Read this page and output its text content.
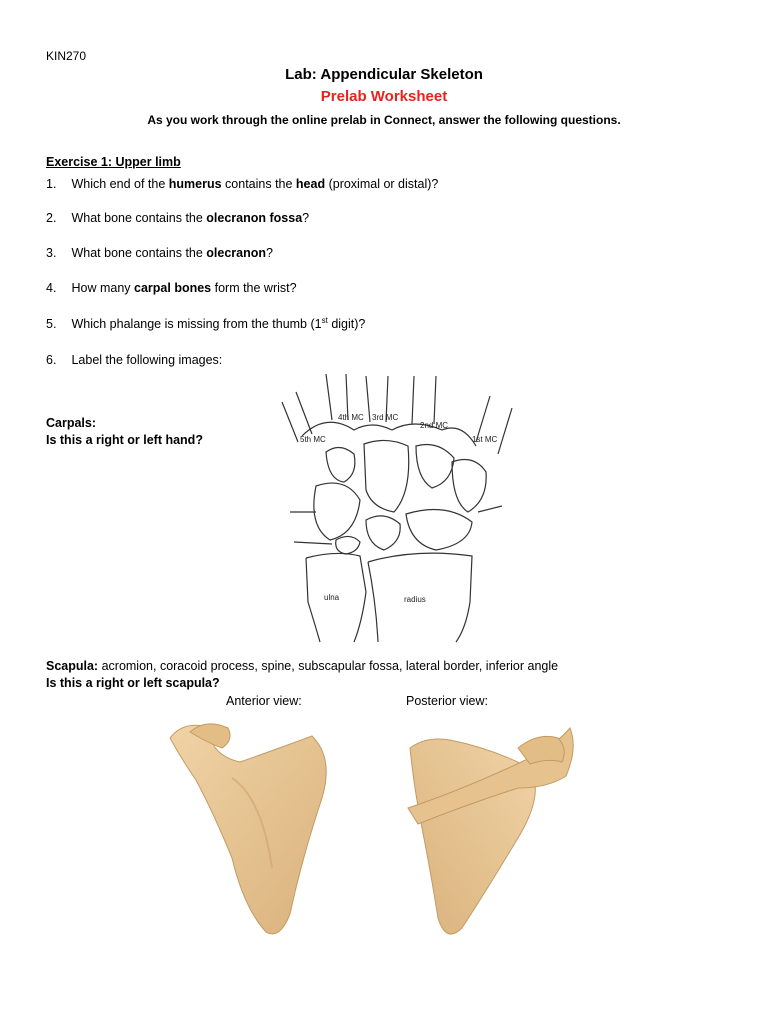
KIN270
Lab: Appendicular Skeleton
Prelab Worksheet
As you work through the online prelab in Connect, answer the following questions.
Exercise 1: Upper limb
1. Which end of the humerus contains the head (proximal or distal)?
2. What bone contains the olecranon fossa?
3. What bone contains the olecranon?
4. How many carpal bones form the wrist?
5. Which phalange is missing from the thumb (1st digit)?
6. Label the following images:
Carpals:
Is this a right or left hand?
4th MC 3rd MC
2nd MC
5th MC	1st MC
ulna	radius
Scapula: acromion, coracoid process, spine, subscapular fossa, lateral border, inferior angle
Is this a right or left scapula?
Anterior view:	Posterior view:
